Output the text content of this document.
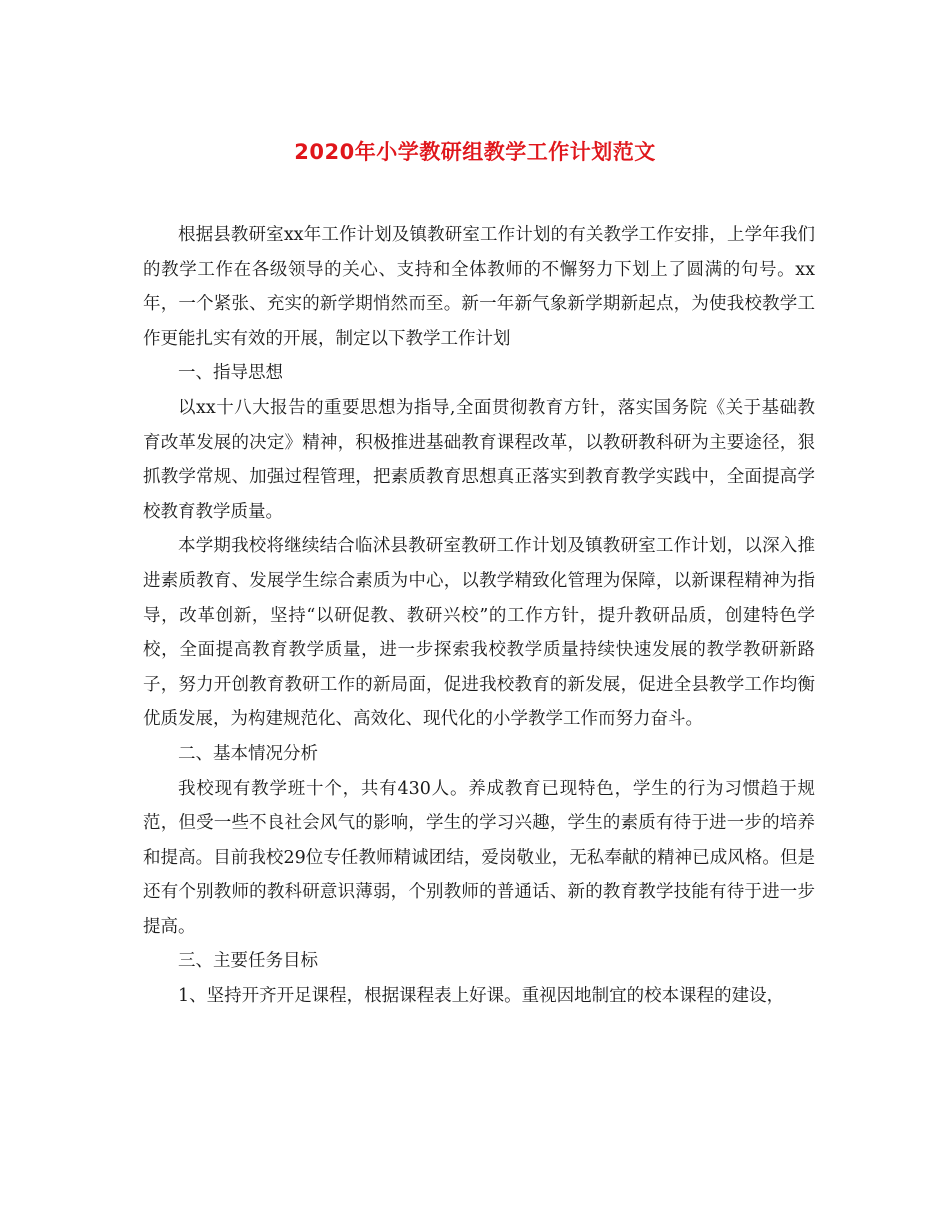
2020年小学教研组教学工作计划范文

根据县教研室xx年工作计划及镇教研室工作计划的有关教学工作安排，上学年我们的教学工作在各级领导的关心、支持和全体教师的不懈努力下划上了圆满的句号。xx年，一个紧张、充实的新学期悄然而至。新一年新气象新学期新起点，为使我校教学工作更能扎实有效的开展，制定以下教学工作计划

一、指导思想

以xx十八大报告的重要思想为指导,全面贯彻教育方针，落实国务院《关于基础教育改革发展的决定》精神，积极推进基础教育课程改革，以教研教科研为主要途径，狠抓教学常规、加强过程管理，把素质教育思想真正落实到教育教学实践中，全面提高学校教育教学质量。

本学期我校将继续结合临沭县教研室教研工作计划及镇教研室工作计划，以深入推进素质教育、发展学生综合素质为中心，以教学精致化管理为保障，以新课程精神为指导，改革创新，坚持“以研促教、教研兴校”的工作方针，提升教研品质，创建特色学校，全面提高教育教学质量，进一步探索我校教学质量持续快速发展的教学教研新路子，努力开创教育教研工作的新局面，促进我校教育的新发展，促进全县教学工作均衡优质发展，为构建规范化、高效化、现代化的小学教学工作而努力奋斗。

二、基本情况分析

我校现有教学班十个，共有430人。养成教育已现特色，学生的行为习惯趋于规范，但受一些不良社会风气的影响，学生的学习兴趣，学生的素质有待于进一步的培养和提高。目前我校29位专任教师精诚团结，爱岗敬业，无私奉献的精神已成风格。但是还有个别教师的教科研意识薄弱，个别教师的普通话、新的教育教学技能有待于进一步提高。

三、主要任务目标

1、坚持开齐开足课程，根据课程表上好课。重视因地制宜的校本课程的建设，
